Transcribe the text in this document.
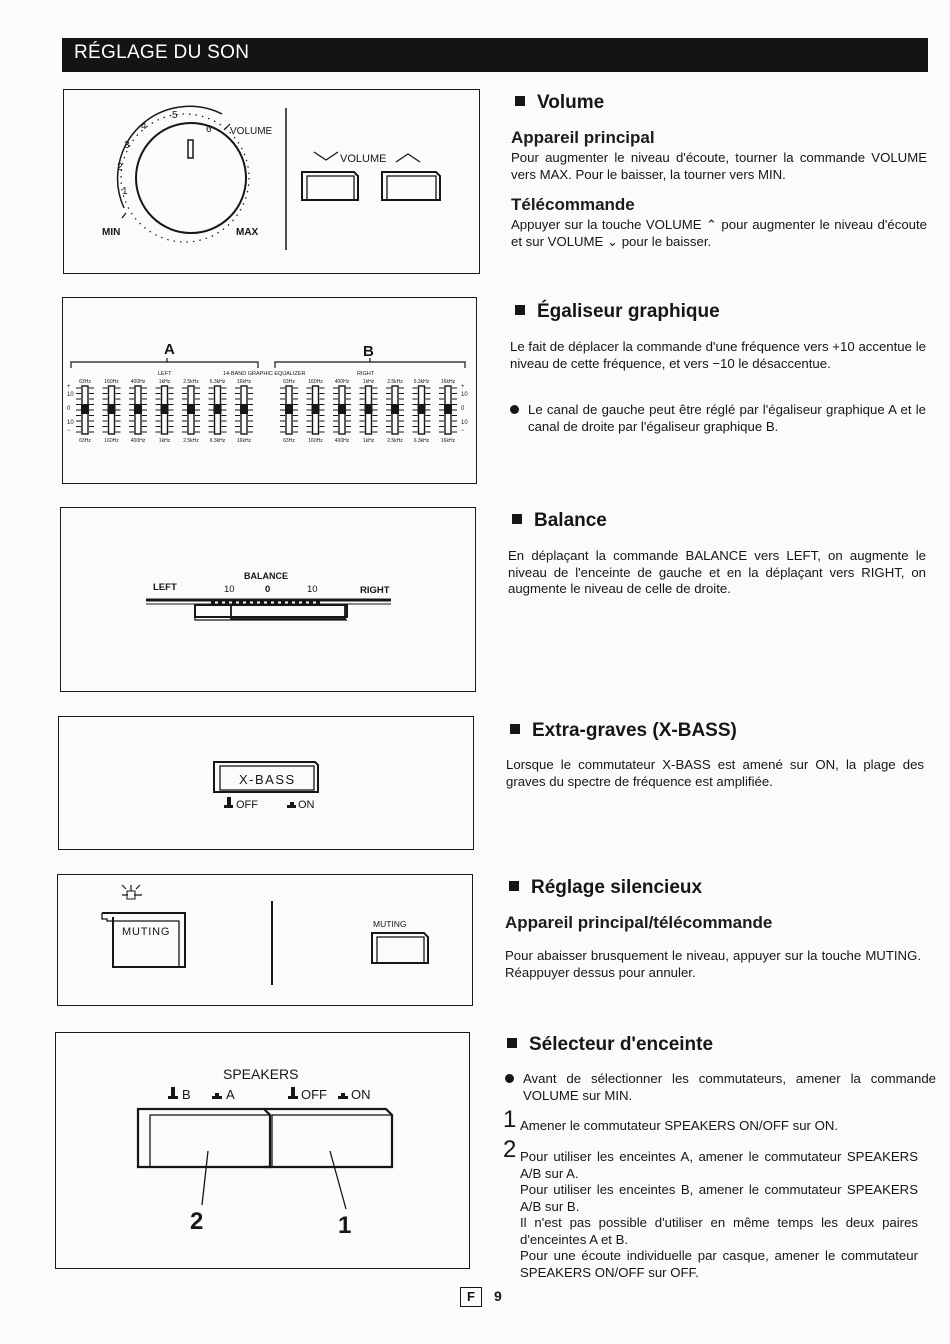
RÉGLAGE DU SON
VOLUME
MIN	MAX
VOLUME
1
2
3
4
5
6
A	B
LEFT	14-BAND GRAPHIC EQUALIZER	RIGHT
63Hz
63Hz
160Hz
160Hz
400Hz
400Hz
1kHz
1kHz
2.5kHz
2.5kHz
6.3kHz
6.3kHz
16kHz
16kHz
63Hz
63Hz
160Hz
160Hz
400Hz
400Hz
1kHz
1kHz
2.5kHz
2.5kHz
6.3kHz
6.3kHz
16kHz
16kHz
+
10
0
10
−
+
10
0
10
−
BALANCE
LEFT	10	0	10	RIGHT
X-BASS
OFF	ON
MUTING
MUTING
SPEAKERS
B	A	OFF ON
2	1
Volume
Appareil principal
Pour augmenter le niveau d'écoute, tourner la commande VOLUME vers MAX. Pour le baisser, la tourner vers MIN.
Télécommande
Appuyer sur la touche VOLUME ⌃ pour augmenter le niveau d'écoute et sur VOLUME ⌄ pour le baisser.
Égaliseur graphique
Le fait de déplacer la commande d'une fréquence vers +10 accentue le niveau de cette fréquence, et vers −10 le désaccentue.
Le canal de gauche peut être réglé par l'égaliseur graphique A et le canal de droite par l'égaliseur graphique B.
Balance
En déplaçant la commande BALANCE vers LEFT, on augmente le niveau de l'enceinte de gauche et en la déplaçant vers RIGHT, on augmente le niveau de celle de droite.
Extra-graves (X-BASS)
Lorsque le commutateur X-BASS est amené sur ON, la plage des graves du spectre de fréquence est amplifiée.
Réglage silencieux
Appareil principal/télécommande
Pour abaisser brusquement le niveau, appuyer sur la touche MUTING. Réappuyer dessus pour annuler.
Sélecteur d'enceinte
Avant de sélectionner les commutateurs, amener la commande VOLUME sur MIN.
1 Amener le commutateur SPEAKERS ON/OFF sur ON.
2 Pour utiliser les enceintes A, amener le commutateur SPEAKERS A/B sur A.
Pour utiliser les enceintes B, amener le commutateur SPEAKERS A/B sur B.
Il n'est pas possible d'utiliser en même temps les deux paires d'enceintes A et B.
Pour une écoute individuelle par casque, amener le commutateur SPEAKERS ON/OFF sur OFF.
F	9
